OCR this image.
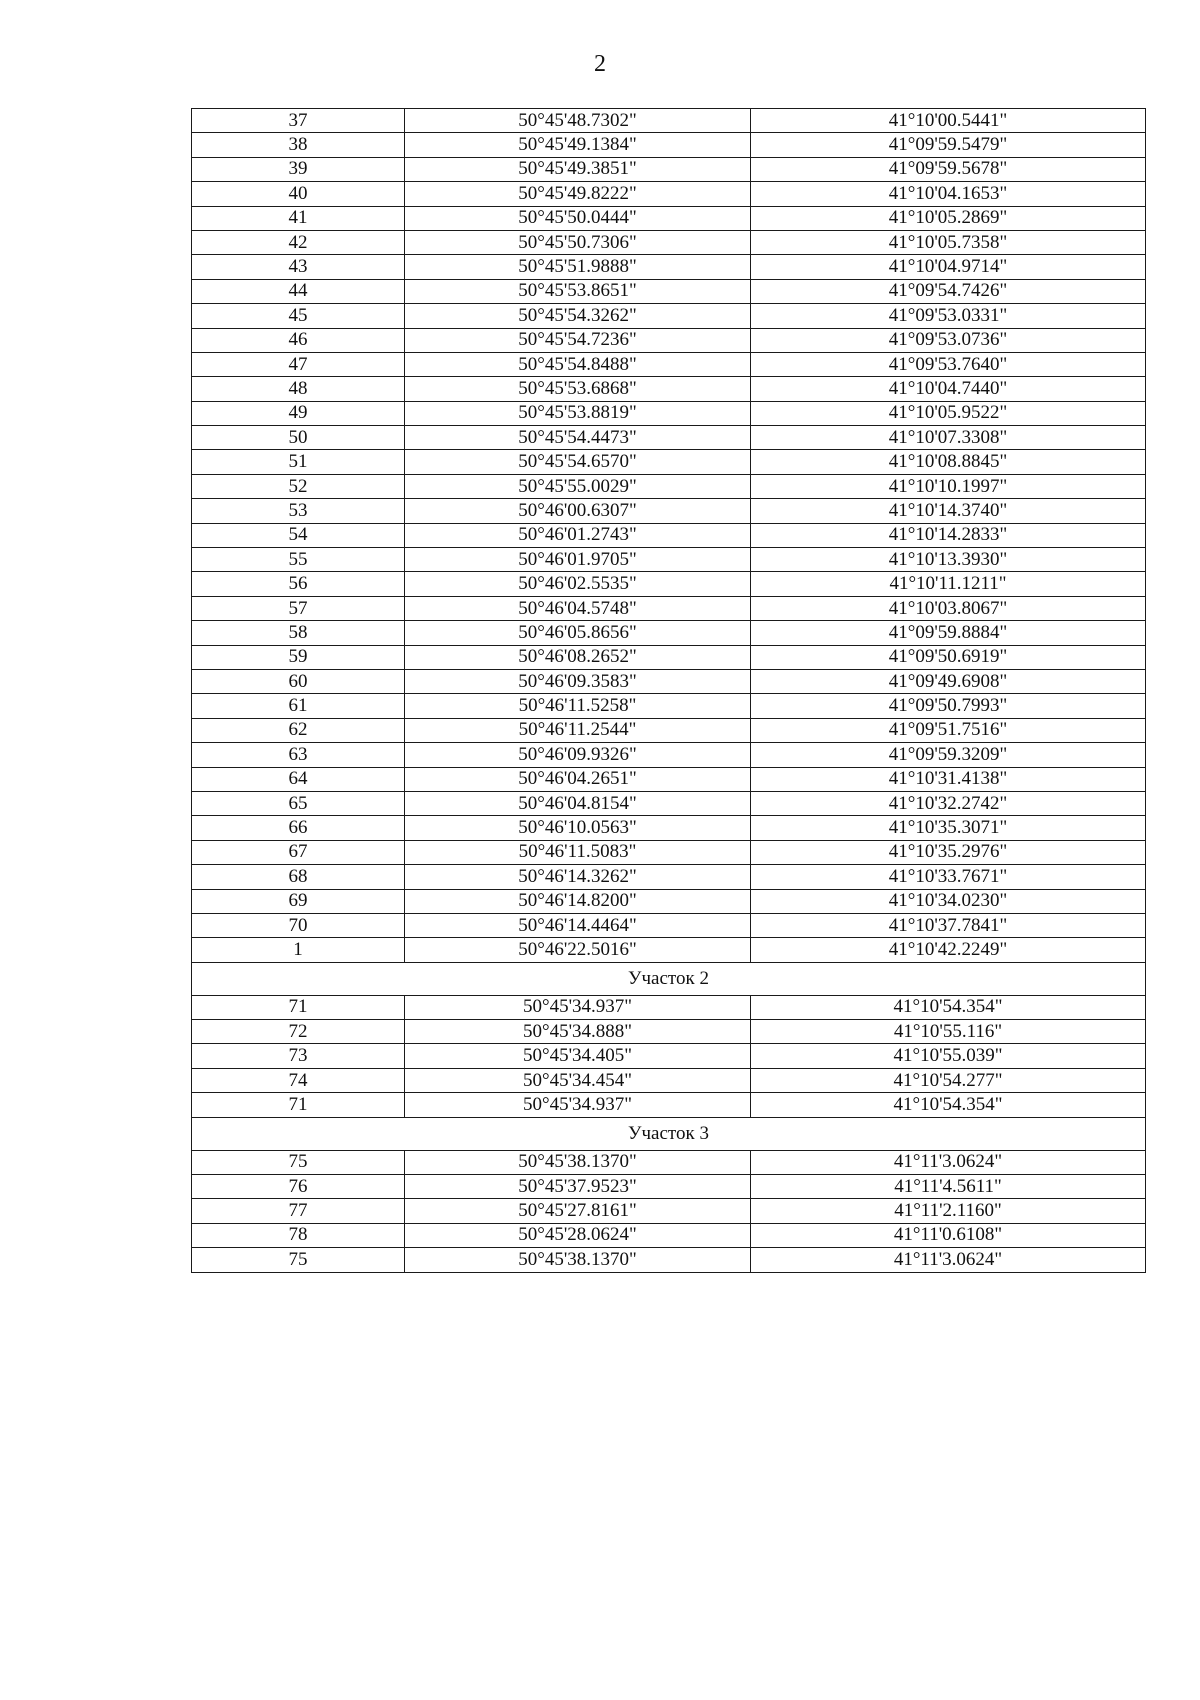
2
37	50°45'48.7302"	41°10'00.5441"
38	50°45'49.1384"	41°09'59.5479"
39	50°45'49.3851"	41°09'59.5678"
40	50°45'49.8222"	41°10'04.1653"
41	50°45'50.0444"	41°10'05.2869"
42	50°45'50.7306"	41°10'05.7358"
43	50°45'51.9888"	41°10'04.9714"
44	50°45'53.8651"	41°09'54.7426"
45	50°45'54.3262"	41°09'53.0331"
46	50°45'54.7236"	41°09'53.0736"
47	50°45'54.8488"	41°09'53.7640"
48	50°45'53.6868"	41°10'04.7440"
49	50°45'53.8819"	41°10'05.9522"
50	50°45'54.4473"	41°10'07.3308"
51	50°45'54.6570"	41°10'08.8845"
52	50°45'55.0029"	41°10'10.1997"
53	50°46'00.6307"	41°10'14.3740"
54	50°46'01.2743"	41°10'14.2833"
55	50°46'01.9705"	41°10'13.3930"
56	50°46'02.5535"	41°10'11.1211"
57	50°46'04.5748"	41°10'03.8067"
58	50°46'05.8656"	41°09'59.8884"
59	50°46'08.2652"	41°09'50.6919"
60	50°46'09.3583"	41°09'49.6908"
61	50°46'11.5258"	41°09'50.7993"
62	50°46'11.2544"	41°09'51.7516"
63	50°46'09.9326"	41°09'59.3209"
64	50°46'04.2651"	41°10'31.4138"
65	50°46'04.8154"	41°10'32.2742"
66	50°46'10.0563"	41°10'35.3071"
67	50°46'11.5083"	41°10'35.2976"
68	50°46'14.3262"	41°10'33.7671"
69	50°46'14.8200"	41°10'34.0230"
70	50°46'14.4464"	41°10'37.7841"
1	50°46'22.5016"	41°10'42.2249"
Участок 2		
71	50°45'34.937"	41°10'54.354"
72	50°45'34.888"	41°10'55.116"
73	50°45'34.405"	41°10'55.039"
74	50°45'34.454"	41°10'54.277"
71	50°45'34.937"	41°10'54.354"
Участок 3		
75	50°45'38.1370"	41°11'3.0624"
76	50°45'37.9523"	41°11'4.5611"
77	50°45'27.8161"	41°11'2.1160"
78	50°45'28.0624"	41°11'0.6108"
75	50°45'38.1370"	41°11'3.0624"
